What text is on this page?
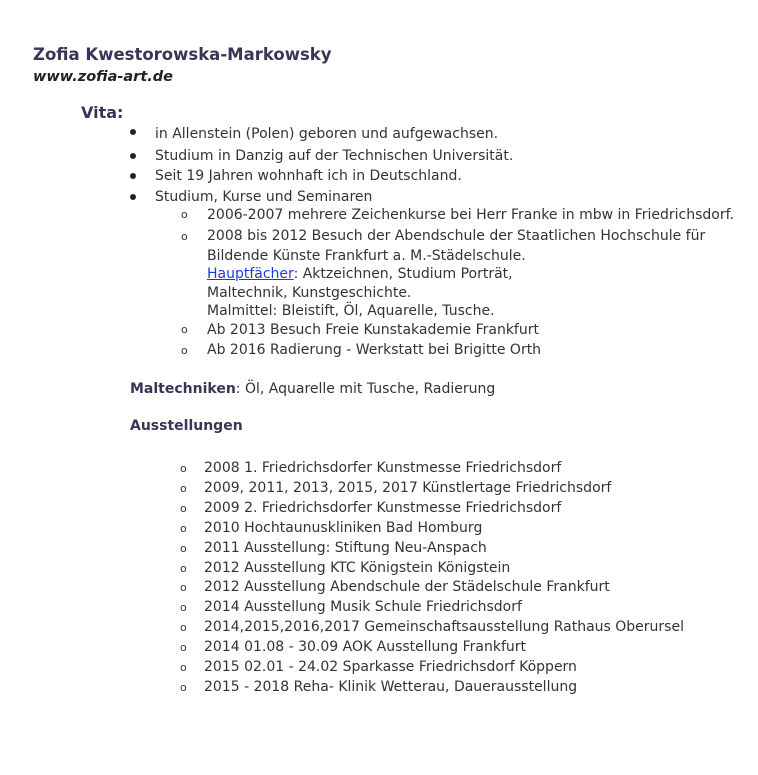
Zofia Kwestorowska-Markowsky
www.zofia-art.de
Vita:
in Allenstein (Polen) geboren und aufgewachsen.
Studium in Danzig auf der Technischen Universität.
Seit 19 Jahren wohnhaft ich in Deutschland.
Studium, Kurse und Seminaren
o 2006-2007 mehrere Zeichenkurse bei Herr Franke in mbw in Friedrichsdorf.
o 2008 bis 2012 Besuch der Abendschule der Staatlichen Hochschule für
Bildende Künste Frankfurt a. M.-Städelschule.
Hauptfächer: Aktzeichnen, Studium Porträt,
Maltechnik, Kunstgeschichte.
Malmittel: Bleistift, Öl, Aquarelle, Tusche.
o Ab 2013 Besuch Freie Kunstakademie Frankfurt
o Ab 2016 Radierung - Werkstatt bei Brigitte Orth
Maltechniken: Öl, Aquarelle mit Tusche, Radierung
Ausstellungen
o 2008 1. Friedrichsdorfer Kunstmesse Friedrichsdorf
o 2009, 2011, 2013, 2015, 2017 Künstlertage Friedrichsdorf
o 2009 2. Friedrichsdorfer Kunstmesse Friedrichsdorf
o 2010 Hochtaunuskliniken Bad Homburg
o 2011 Ausstellung: Stiftung Neu-Anspach
o 2012 Ausstellung KTC Königstein Königstein
o 2012 Ausstellung Abendschule der Städelschule Frankfurt
o 2014 Ausstellung Musik Schule Friedrichsdorf
o 2014,2015,2016,2017 Gemeinschaftsausstellung Rathaus Oberursel
o 2014 01.08 - 30.09 AOK Ausstellung Frankfurt
o 2015 02.01 - 24.02 Sparkasse Friedrichsdorf Köppern
o 2015 - 2018 Reha- Klinik Wetterau, Dauerausstellung
